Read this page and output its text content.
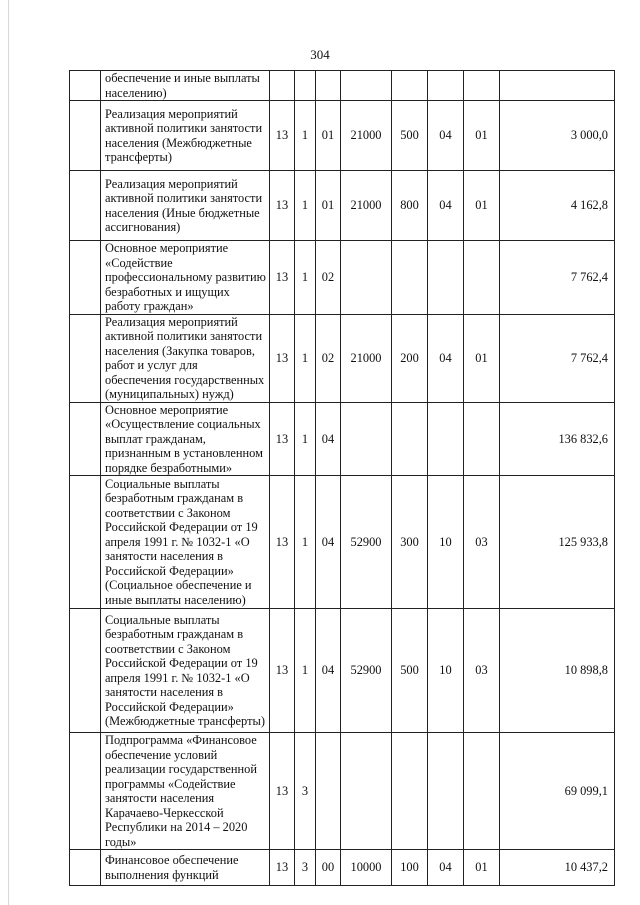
304
	обеспечение и иные выплаты населению)								
	Реализация мероприятий активной политики занятости населения (Межбюджетные трансферты)	13	1	01	21000	500	04	01	3 000,0
	Реализация мероприятий активной политики занятости населения (Иные бюджетные ассигнования)	13	1	01	21000	800	04	01	4 162,8
	Основное мероприятие «Содействие профессиональному развитию безработных и ищущих работу граждан»	13	1	02					7 762,4
	Реализация мероприятий активной политики занятости населения (Закупка товаров, работ и услуг для обеспечения государственных (муниципальных) нужд)	13	1	02	21000	200	04	01	7 762,4
	Основное мероприятие «Осуществление социальных выплат гражданам, признанным в установленном порядке безработными»	13	1	04					136 832,6
	Социальные выплаты безработным гражданам в соответствии с Законом Российской Федерации от 19 апреля 1991 г. № 1032-1 «О занятости населения в Российской Федерации» (Социальное обеспечение и иные выплаты населению)	13	1	04	52900	300	10	03	125 933,8
	Социальные выплаты безработным гражданам в соответствии с Законом Российской Федерации от 19 апреля 1991 г. № 1032-1 «О занятости населения в Российской Федерации» (Межбюджетные трансферты)	13	1	04	52900	500	10	03	10 898,8
	Подпрограмма «Финансовое обеспечение условий реализации государственной программы «Содействие занятости населения Карачаево-Черкесской Республики на 2014 – 2020 годы»	13	3						69 099,1
	Финансовое обеспечение выполнения функций	13	3	00	10000	100	04	01	10 437,2
